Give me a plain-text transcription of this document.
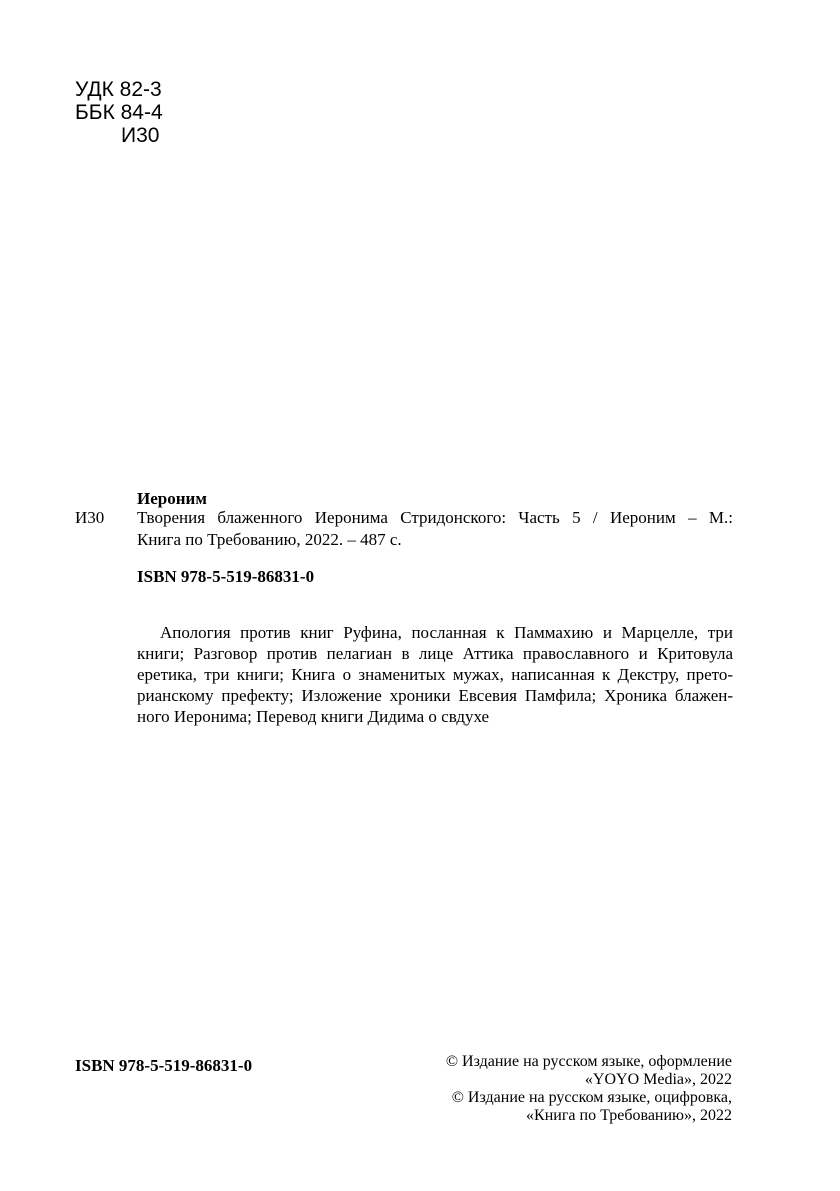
УДК 82-3
ББК 84-4
И30
Иероним
И30 Творения блаженного Иеронима Стридонского: Часть 5 / Иероним – М.:
Книга по Требованию, 2022. – 487 с.
ISBN 978-5-519-86831-0
Апология против книг Руфина, посланная к Паммахию и Марцелле, три
книги; Разговор против пелагиан в лице Аттика православного и Критовула
еретика, три книги; Книга о знаменитых мужах, написанная к Декстру, прето-
рианскому префекту; Изложение хроники Евсевия Памфила; Хроника блажен-
ного Иеронима; Перевод книги Дидима о свдухе
ISBN 978-5-519-86831-0	© Издание на русском языке, оформление
«YOYO Media», 2022
© Издание на русском языке, оцифровка,
«Книга по Требованию», 2022
